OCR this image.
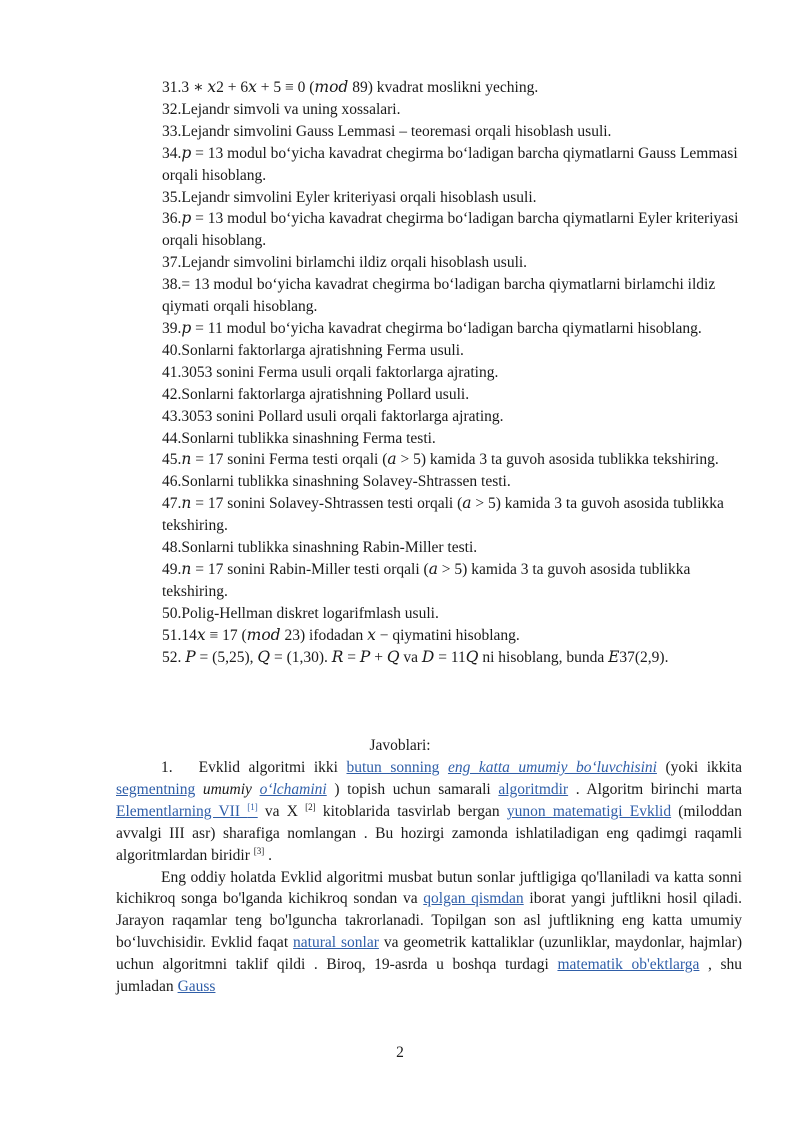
31.3 ∗ 𝑥2 + 6𝑥 + 5 ≡ 0 (𝑚𝑜𝑑 89) kvadrat moslikni yeching.

32.Lejandr simvoli va uning xossalari.

33.Lejandr simvolini Gauss Lemmasi – teoremasi orqali hisoblash usuli.

34.𝑝 = 13 modul bo‘yicha kavadrat chegirma bo‘ladigan barcha qiymatlarni Gauss Lemmasi orqali hisoblang.

35.Lejandr simvolini Eyler kriteriyasi orqali hisoblash usuli.

36.𝑝 = 13 modul bo‘yicha kavadrat chegirma bo‘ladigan barcha qiymatlarni Eyler kriteriyasi orqali hisoblang.

37.Lejandr simvolini birlamchi ildiz orqali hisoblash usuli.

38.= 13 modul bo‘yicha kavadrat chegirma bo‘ladigan barcha qiymatlarni birlamchi ildiz qiymati orqali hisoblang.

39.𝑝 = 11 modul bo‘yicha kavadrat chegirma bo‘ladigan barcha qiymatlarni hisoblang.

40.Sonlarni faktorlarga ajratishning Ferma usuli.

41.3053 sonini Ferma usuli orqali faktorlarga ajrating.

42.Sonlarni faktorlarga ajratishning Pollard usuli.

43.3053 sonini Pollard usuli orqali faktorlarga ajrating.

44.Sonlarni tublikka sinashning Ferma testi.

45.𝑛 = 17 sonini Ferma testi orqali (𝑎 > 5) kamida 3 ta guvoh asosida tublikka tekshiring.

46.Sonlarni tublikka sinashning Solavey-Shtrassen testi.

47.𝑛 = 17 sonini Solavey-Shtrassen testi orqali (𝑎 > 5) kamida 3 ta guvoh asosida tublikka tekshiring.

48.Sonlarni tublikka sinashning Rabin-Miller testi.

49.𝑛 = 17 sonini Rabin-Miller testi orqali (𝑎 > 5) kamida 3 ta guvoh asosida tublikka tekshiring.

50.Polig-Hellman diskret logarifmlash usuli.

51.14𝑥 ≡ 17 (𝑚𝑜𝑑 23) ifodadan 𝑥 − qiymatini hisoblang.

52. 𝑃 = (5,25), 𝑄 = (1,30). 𝑅 = 𝑃 + 𝑄 va 𝐷 = 11𝑄 ni hisoblang, bunda 𝐸37(2,9).

Javoblari:

1. Evklid algoritmi ikki butun sonning eng katta umumiy bo‘luvchisini (yoki ikkita segmentning umumiy o‘lchamini ) topish uchun samarali algoritmdir . Algoritm birinchi marta Elementlarning VII [1] va X [2] kitoblarida tasvirlab bergan yunon matematigi Evklid (miloddan avvalgi III asr) sharafiga nomlangan . Bu hozirgi zamonda ishlatiladigan eng qadimgi raqamli algoritmlardan biridir [3] .

Eng oddiy holatda Evklid algoritmi musbat butun sonlar juftligiga qo'llaniladi va katta sonni kichikroq songa bo'lganda kichikroq sondan va qolgan qismdan iborat yangi juftlikni hosil qiladi. Jarayon raqamlar teng bo'lguncha takrorlanadi. Topilgan son asl juftlikning eng katta umumiy bo‘luvchisidir. Evklid faqat natural sonlar va geometrik kattaliklar (uzunliklar, maydonlar, hajmlar) uchun algoritmni taklif qildi . Biroq, 19-asrda u boshqa turdagi matematik ob'ektlarga , shu jumladan Gauss

2
